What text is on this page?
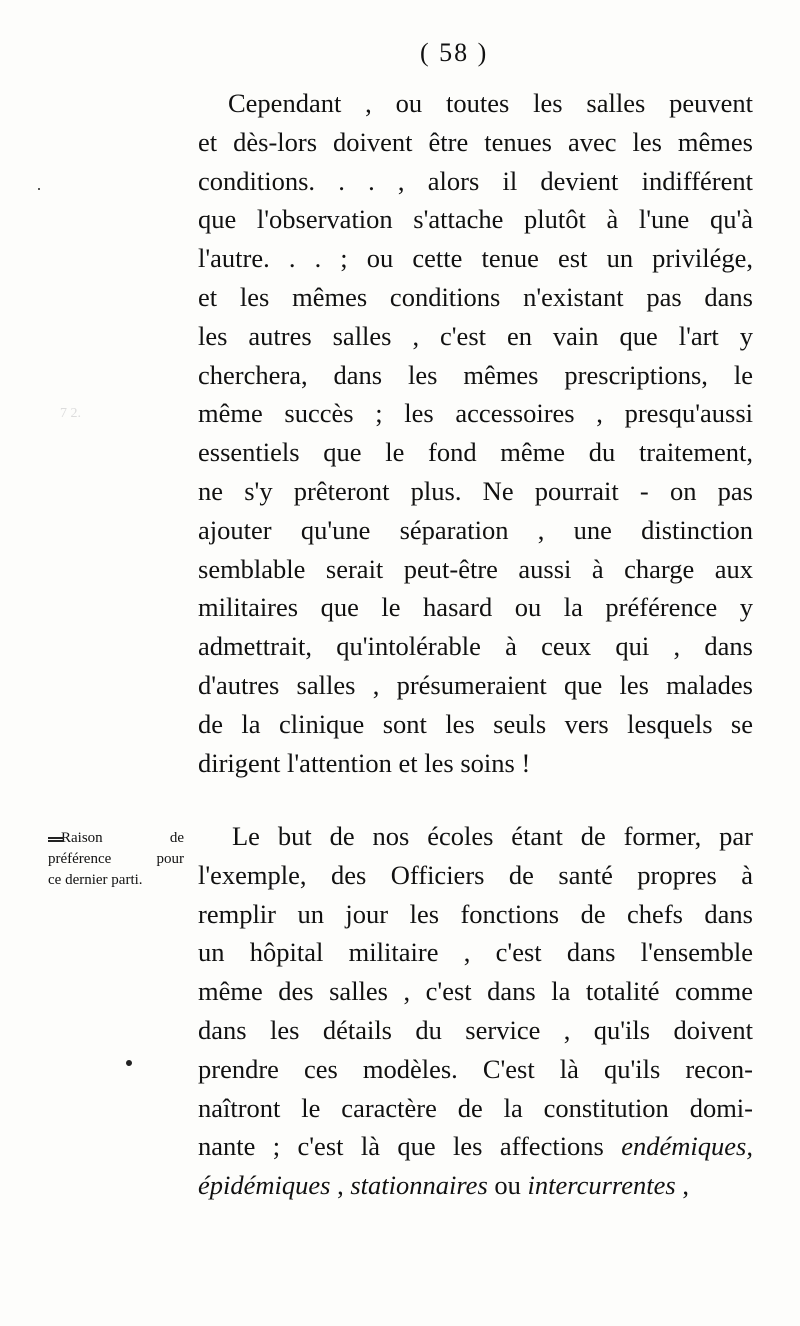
( 58 )
7 2.

Cependant , ou toutes les salles peuvent
et dès-lors doivent être tenues avec les mêmes
conditions. . . , alors il devient indifférent
que l'observation s'attache plutôt à l'une qu'à
l'autre. . . ; ou cette tenue est un privilége,
et les mêmes conditions n'existant pas dans
les autres salles , c'est en vain que l'art y
cherchera, dans les mêmes prescriptions, le
même succès ; les accessoires , presqu'aussi
essentiels que le fond même du traitement,
ne s'y prêteront plus. Ne pourrait - on pas
ajouter qu'une séparation , une distinction
semblable serait peut-être aussi à charge aux
militaires que le hasard ou la préférence y
admettrait, qu'intolérable à ceux qui , dans
d'autres salles , présumeraient que les malades
de la clinique sont les seuls vers lesquels se
dirigent l'attention et les soins !

Le but de nos écoles étant de former, par
l'exemple, des Officiers de santé propres à
remplir un jour les fonctions de chefs dans
un hôpital militaire , c'est dans l'ensemble
même des salles , c'est dans la totalité comme
dans les détails du service , qu'ils doivent
prendre ces modèles. C'est là qu'ils recon-
naîtront le caractère de la constitution domi-
nante ; c'est là que les affections endémiques,
épidémiques , stationnaires ou intercurrentes ,

Raison de
préférence pour
ce dernier parti.
